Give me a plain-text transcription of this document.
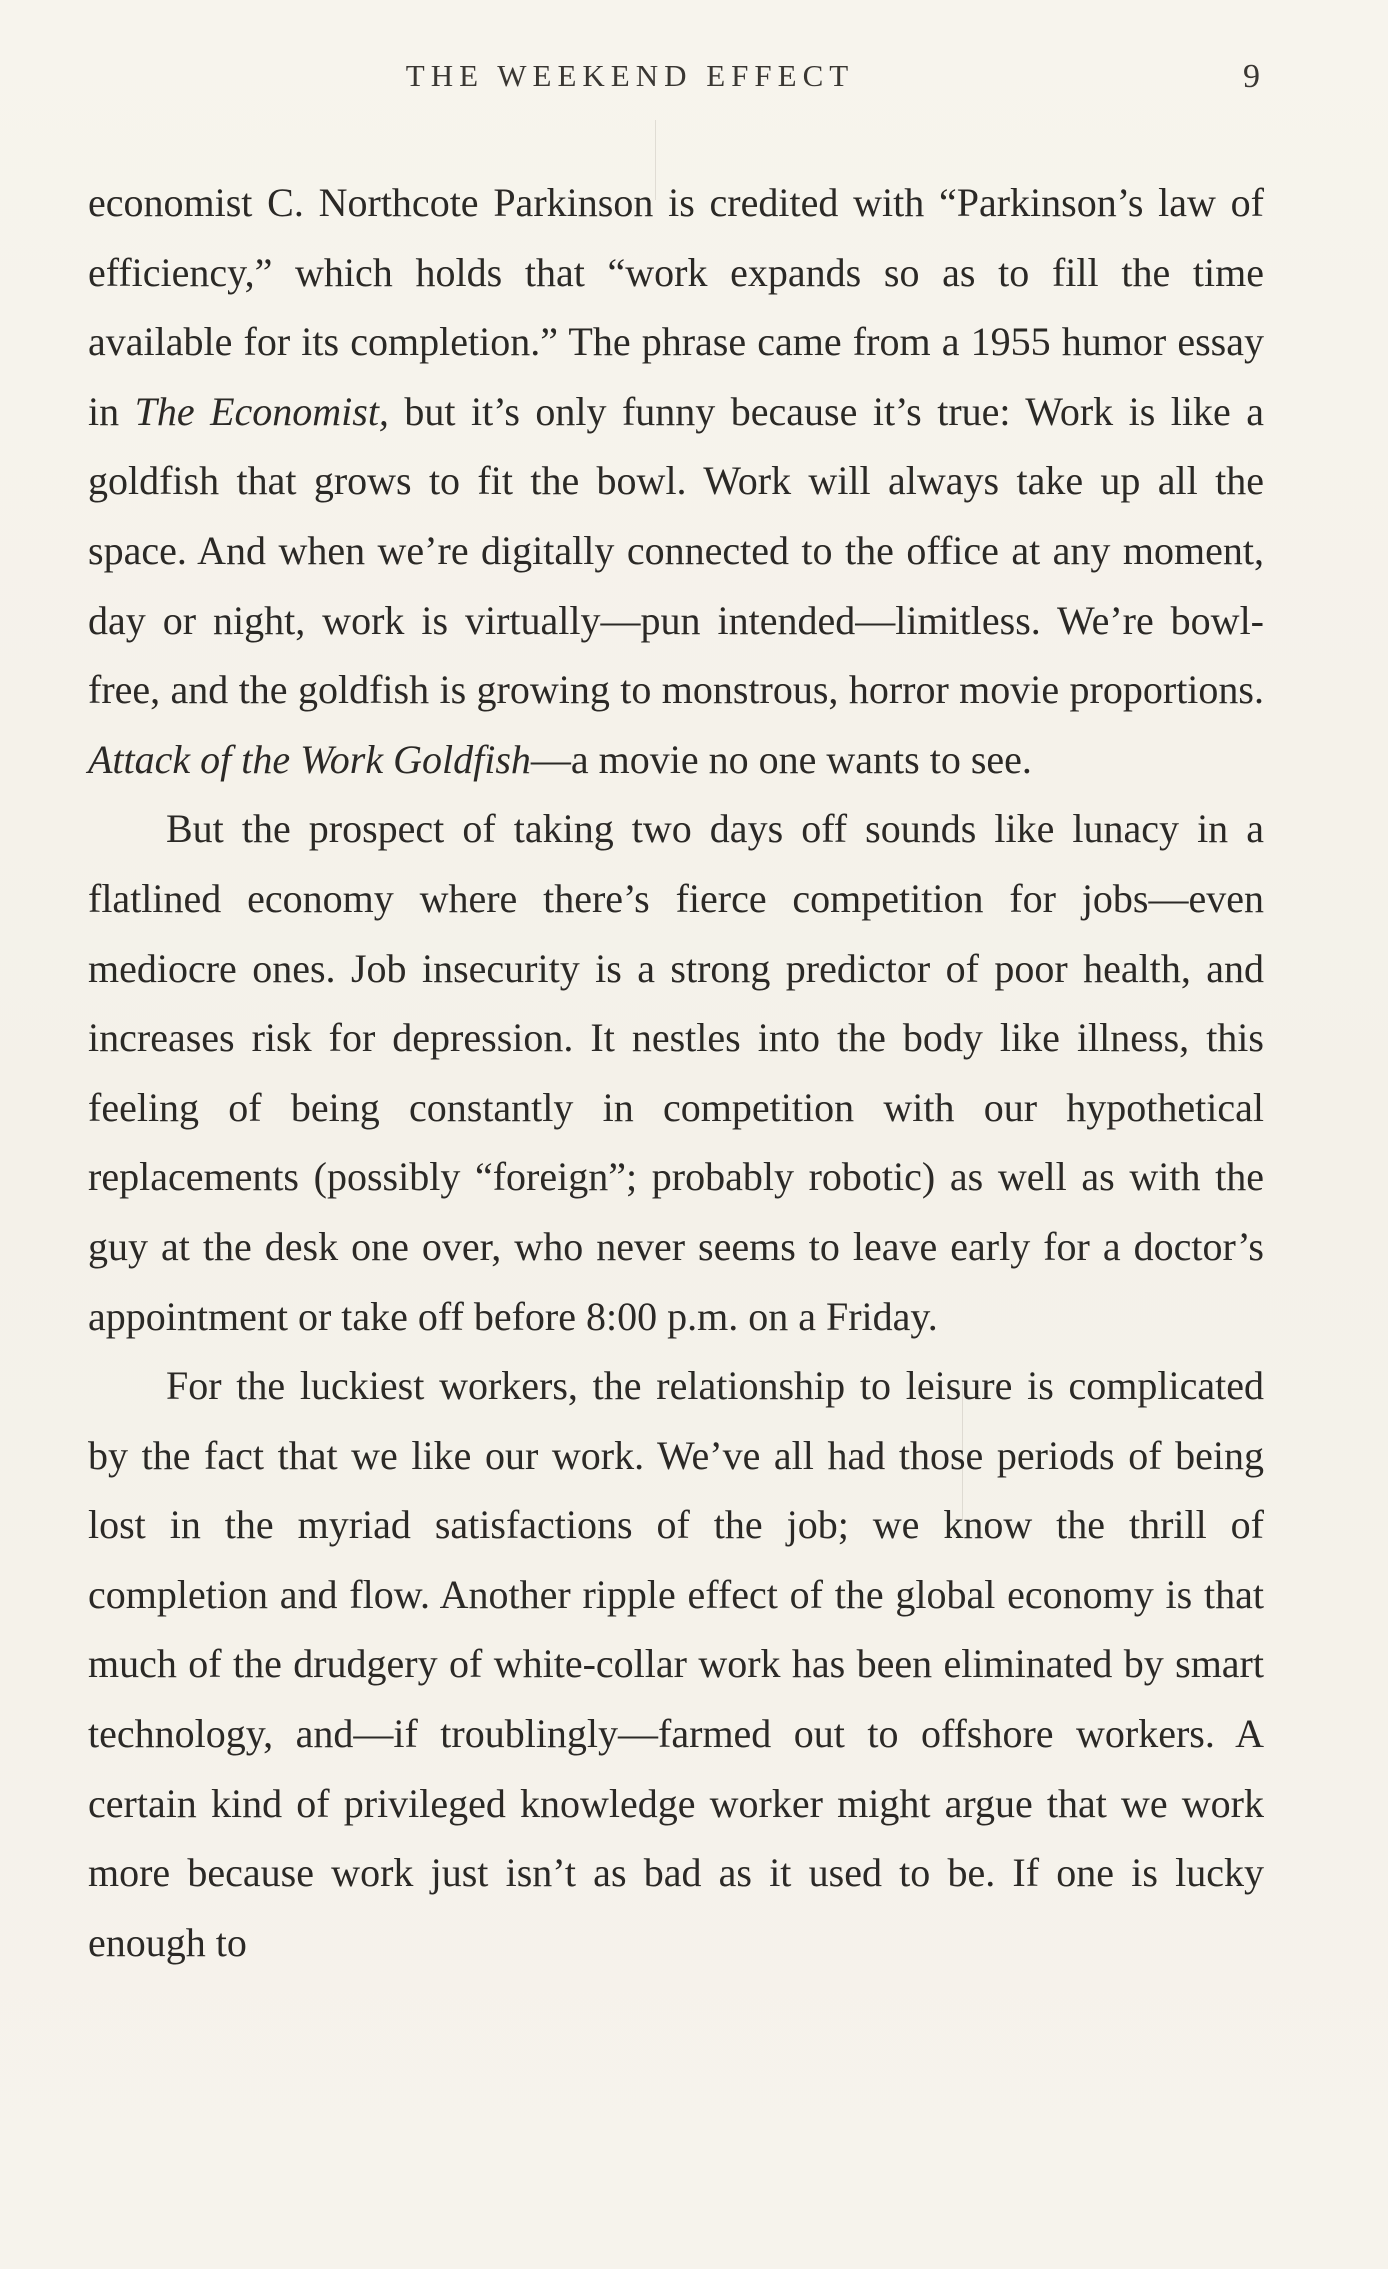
THE WEEKEND EFFECT	9

economist C. Northcote Parkinson is credited with “Parkinson’s law of efficiency,” which holds that “work expands so as to fill the time available for its completion.” The phrase came from a 1955 humor essay in The Economist, but it’s only funny because it’s true: Work is like a goldfish that grows to fit the bowl. Work will always take up all the space. And when we’re digitally connected to the office at any moment, day or night, work is virtually—pun intended—limitless. We’re bowl-free, and the goldfish is growing to monstrous, horror movie proportions. Attack of the Work Goldfish—a movie no one wants to see.

But the prospect of taking two days off sounds like lunacy in a flatlined economy where there’s fierce competition for jobs—even mediocre ones. Job insecurity is a strong predictor of poor health, and increases risk for depression. It nestles into the body like illness, this feeling of being constantly in competition with our hypothetical replacements (possibly “foreign”; probably robotic) as well as with the guy at the desk one over, who never seems to leave early for a doctor’s appointment or take off before 8:00 p.m. on a Friday.

For the luckiest workers, the relationship to leisure is complicated by the fact that we like our work. We’ve all had those periods of being lost in the myriad satisfactions of the job; we know the thrill of completion and flow. Another ripple effect of the global economy is that much of the drudgery of white-collar work has been eliminated by smart technology, and—if troublingly—farmed out to offshore workers. A certain kind of privileged knowledge worker might argue that we work more because work just isn’t as bad as it used to be. If one is lucky enough to
